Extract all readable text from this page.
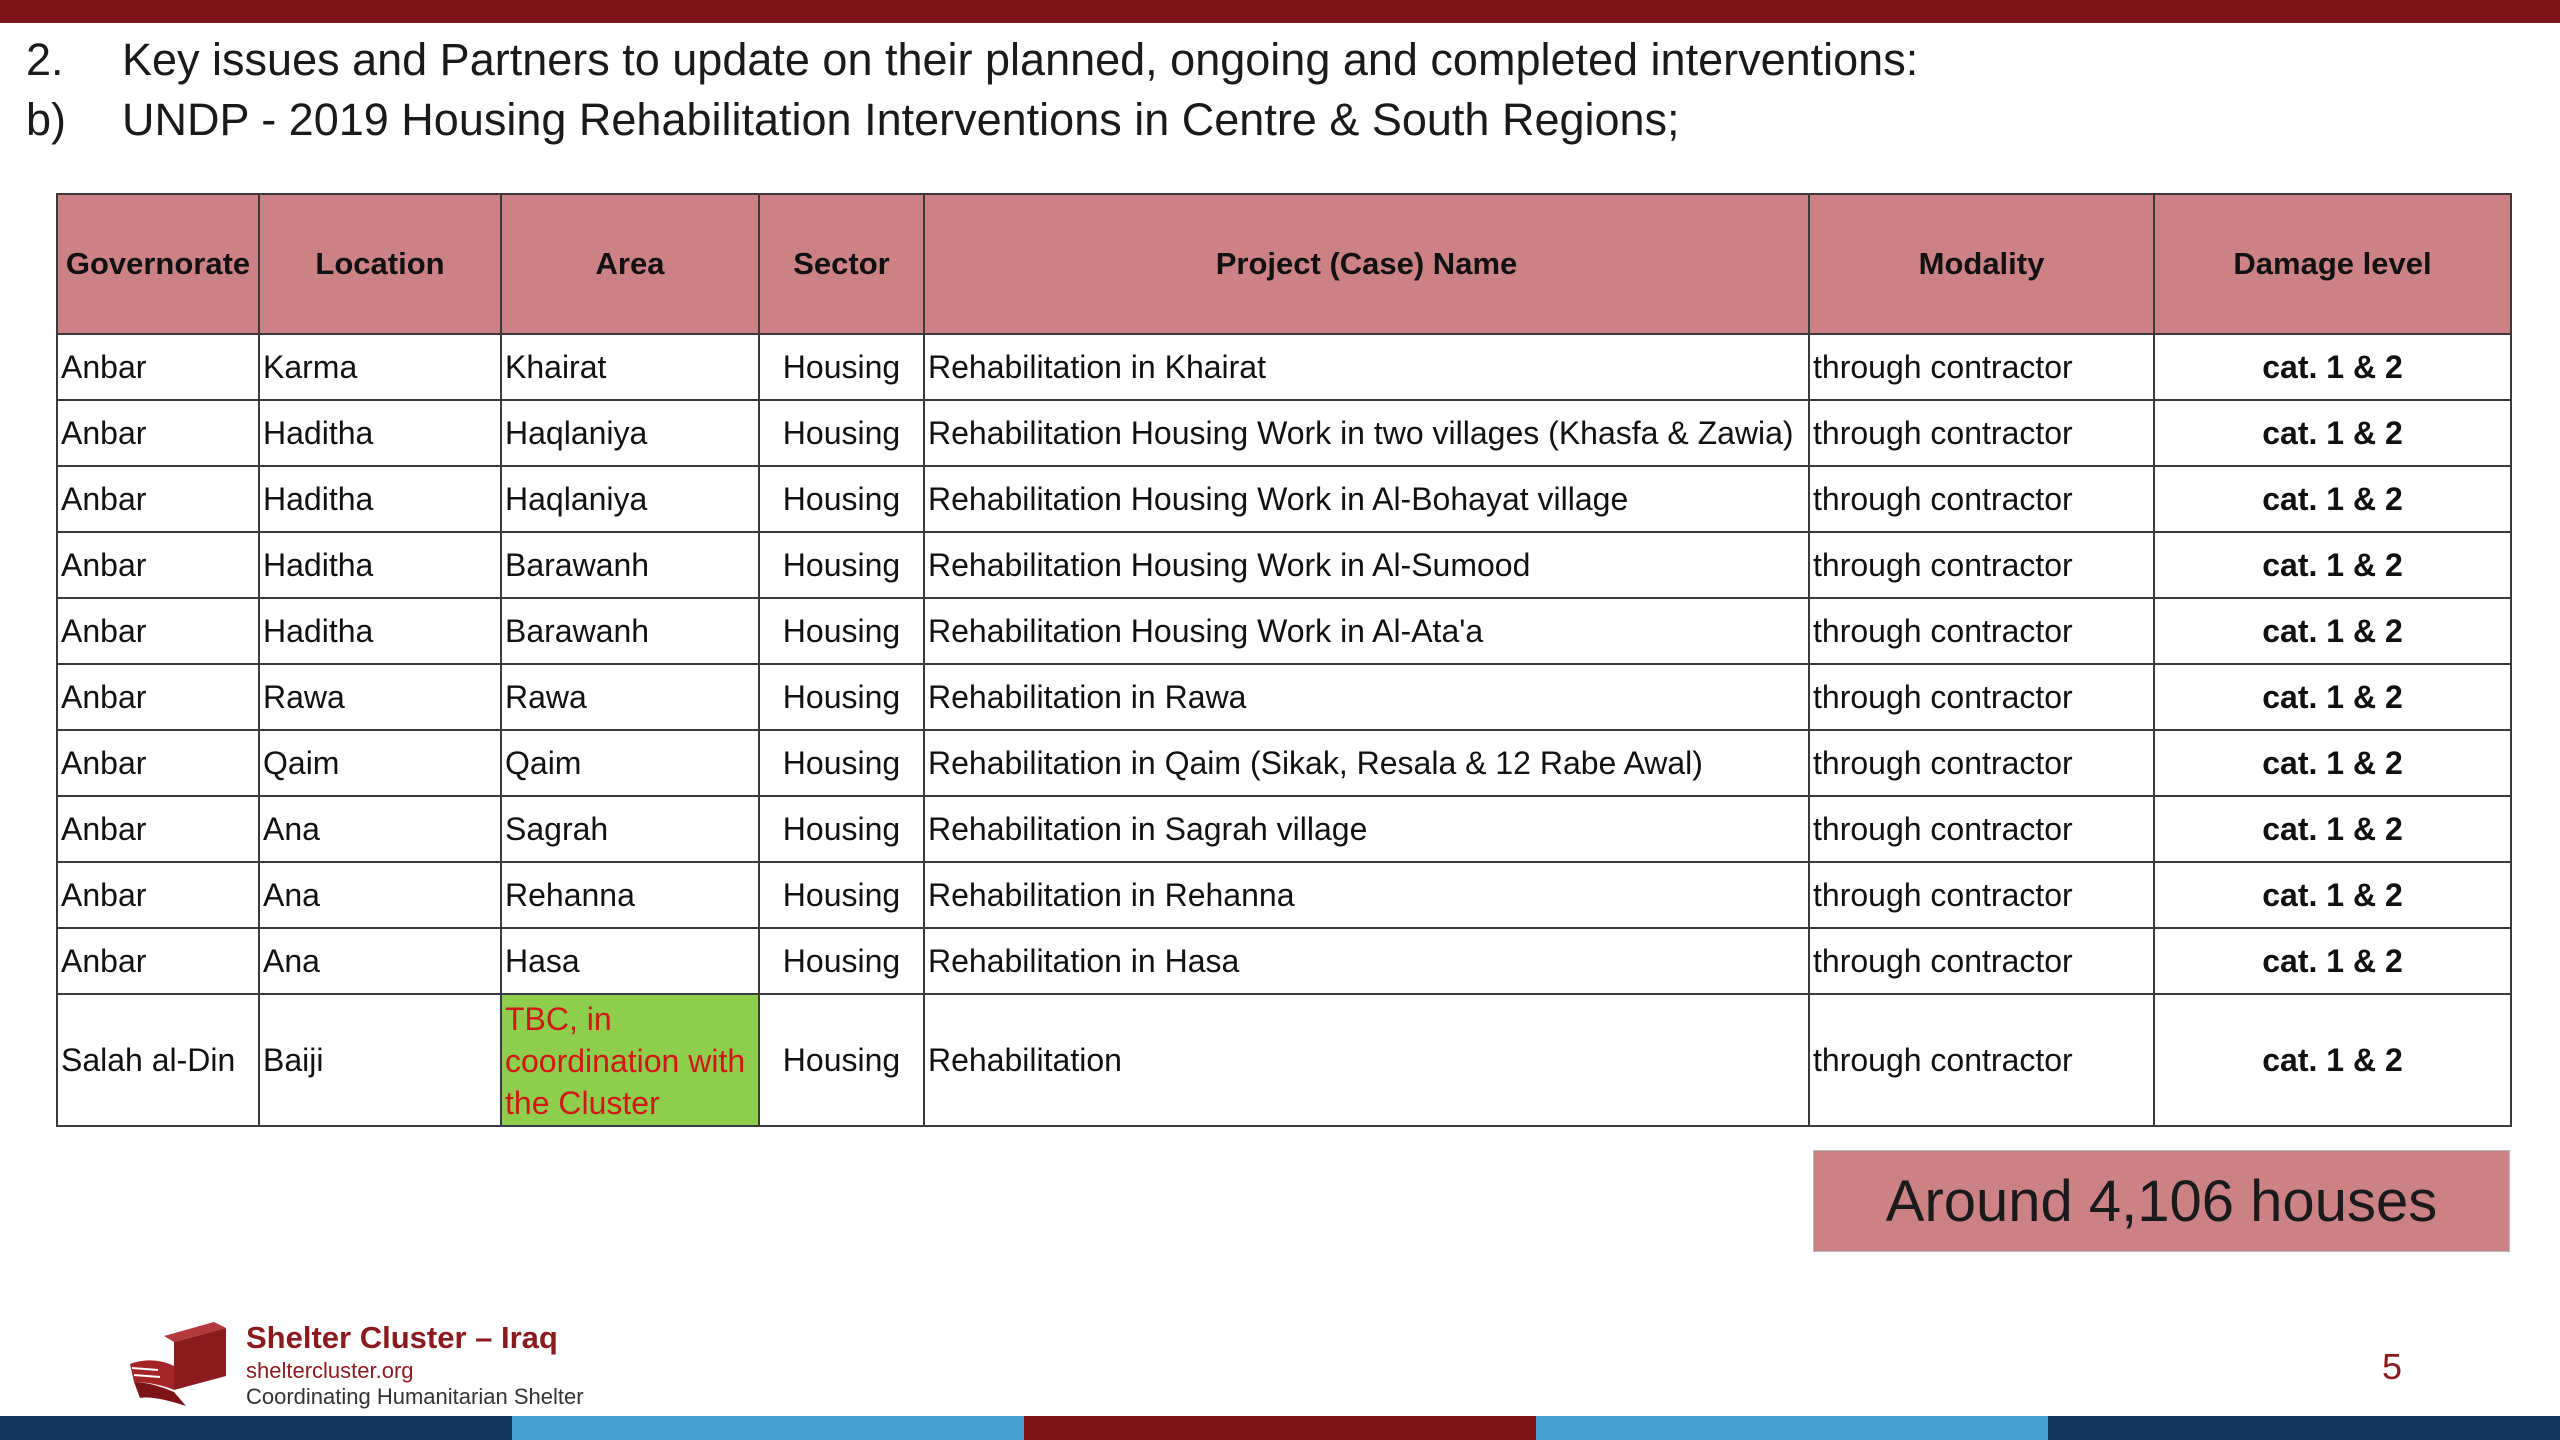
2. Key issues and Partners to update on their planned, ongoing and completed interventions:
b) UNDP - 2019 Housing Rehabilitation Interventions in Centre & South Regions;
Governorate	Location	Area	Sector	Project (Case) Name	Modality	Damage level
Anbar	Karma	Khairat	Housing	Rehabilitation in Khairat	through contractor	cat. 1 & 2
Anbar	Haditha	Haqlaniya	Housing	Rehabilitation Housing Work in two villages (Khasfa & Zawia)	through contractor	cat. 1 & 2
Anbar	Haditha	Haqlaniya	Housing	Rehabilitation Housing Work in Al-Bohayat village	through contractor	cat. 1 & 2
Anbar	Haditha	Barawanh	Housing	Rehabilitation Housing Work in Al-Sumood	through contractor	cat. 1 & 2
Anbar	Haditha	Barawanh	Housing	Rehabilitation Housing Work in Al-Ata'a	through contractor	cat. 1 & 2
Anbar	Rawa	Rawa	Housing	Rehabilitation in Rawa	through contractor	cat. 1 & 2
Anbar	Qaim	Qaim	Housing	Rehabilitation in Qaim (Sikak, Resala & 12 Rabe Awal)	through contractor	cat. 1 & 2
Anbar	Ana	Sagrah	Housing	Rehabilitation in Sagrah village	through contractor	cat. 1 & 2
Anbar	Ana	Rehanna	Housing	Rehabilitation in Rehanna	through contractor	cat. 1 & 2
Anbar	Ana	Hasa	Housing	Rehabilitation in Hasa	through contractor	cat. 1 & 2
Salah al-Din	Baiji	TBC, in coordination with the Cluster	Housing	Rehabilitation	through contractor	cat. 1 & 2
Around 4,106 houses
Shelter Cluster – Iraq
sheltercluster.org
Coordinating Humanitarian Shelter
5
